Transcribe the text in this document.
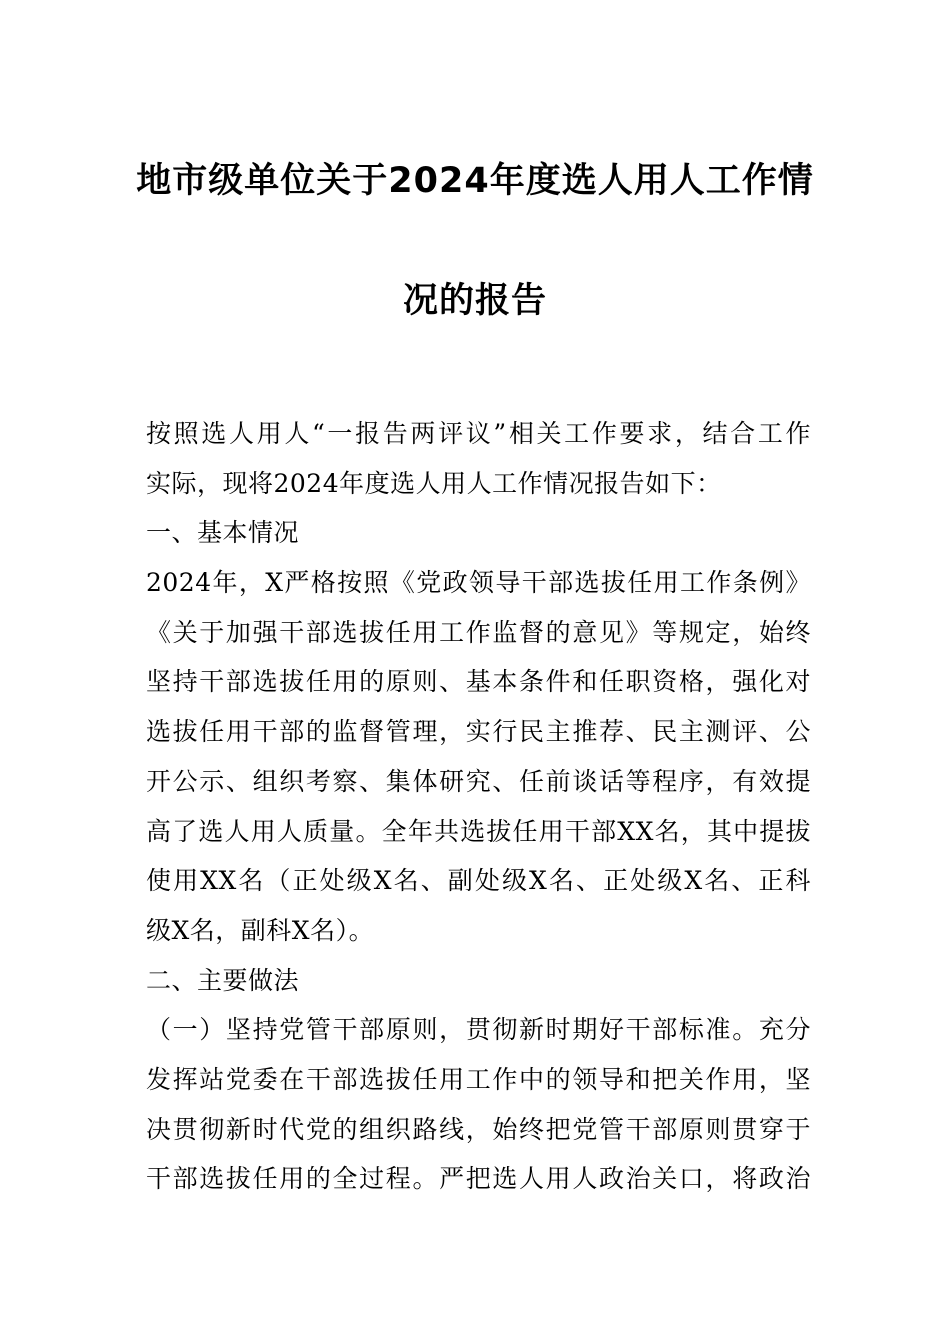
地市级单位关于2024年度选人用人工作情
况的报告
按照选人用人“一报告两评议”相关工作要求，结合工作
实际，现将2024年度选人用人工作情况报告如下：
一、基本情况
2024年，X严格按照《党政领导干部选拔任用工作条例》
《关于加强干部选拔任用工作监督的意见》等规定，始终
坚持干部选拔任用的原则、基本条件和任职资格，强化对
选拔任用干部的监督管理，实行民主推荐、民主测评、公
开公示、组织考察、集体研究、任前谈话等程序，有效提
高了选人用人质量。全年共选拔任用干部XX名，其中提拔
使用XX名（正处级X名、副处级X名、正处级X名、正科
级X名，副科X名）。
二、主要做法
（一）坚持党管干部原则，贯彻新时期好干部标准。充分
发挥站党委在干部选拔任用工作中的领导和把关作用，坚
决贯彻新时代党的组织路线，始终把党管干部原则贯穿于
干部选拔任用的全过程。严把选人用人政治关口，将政治
